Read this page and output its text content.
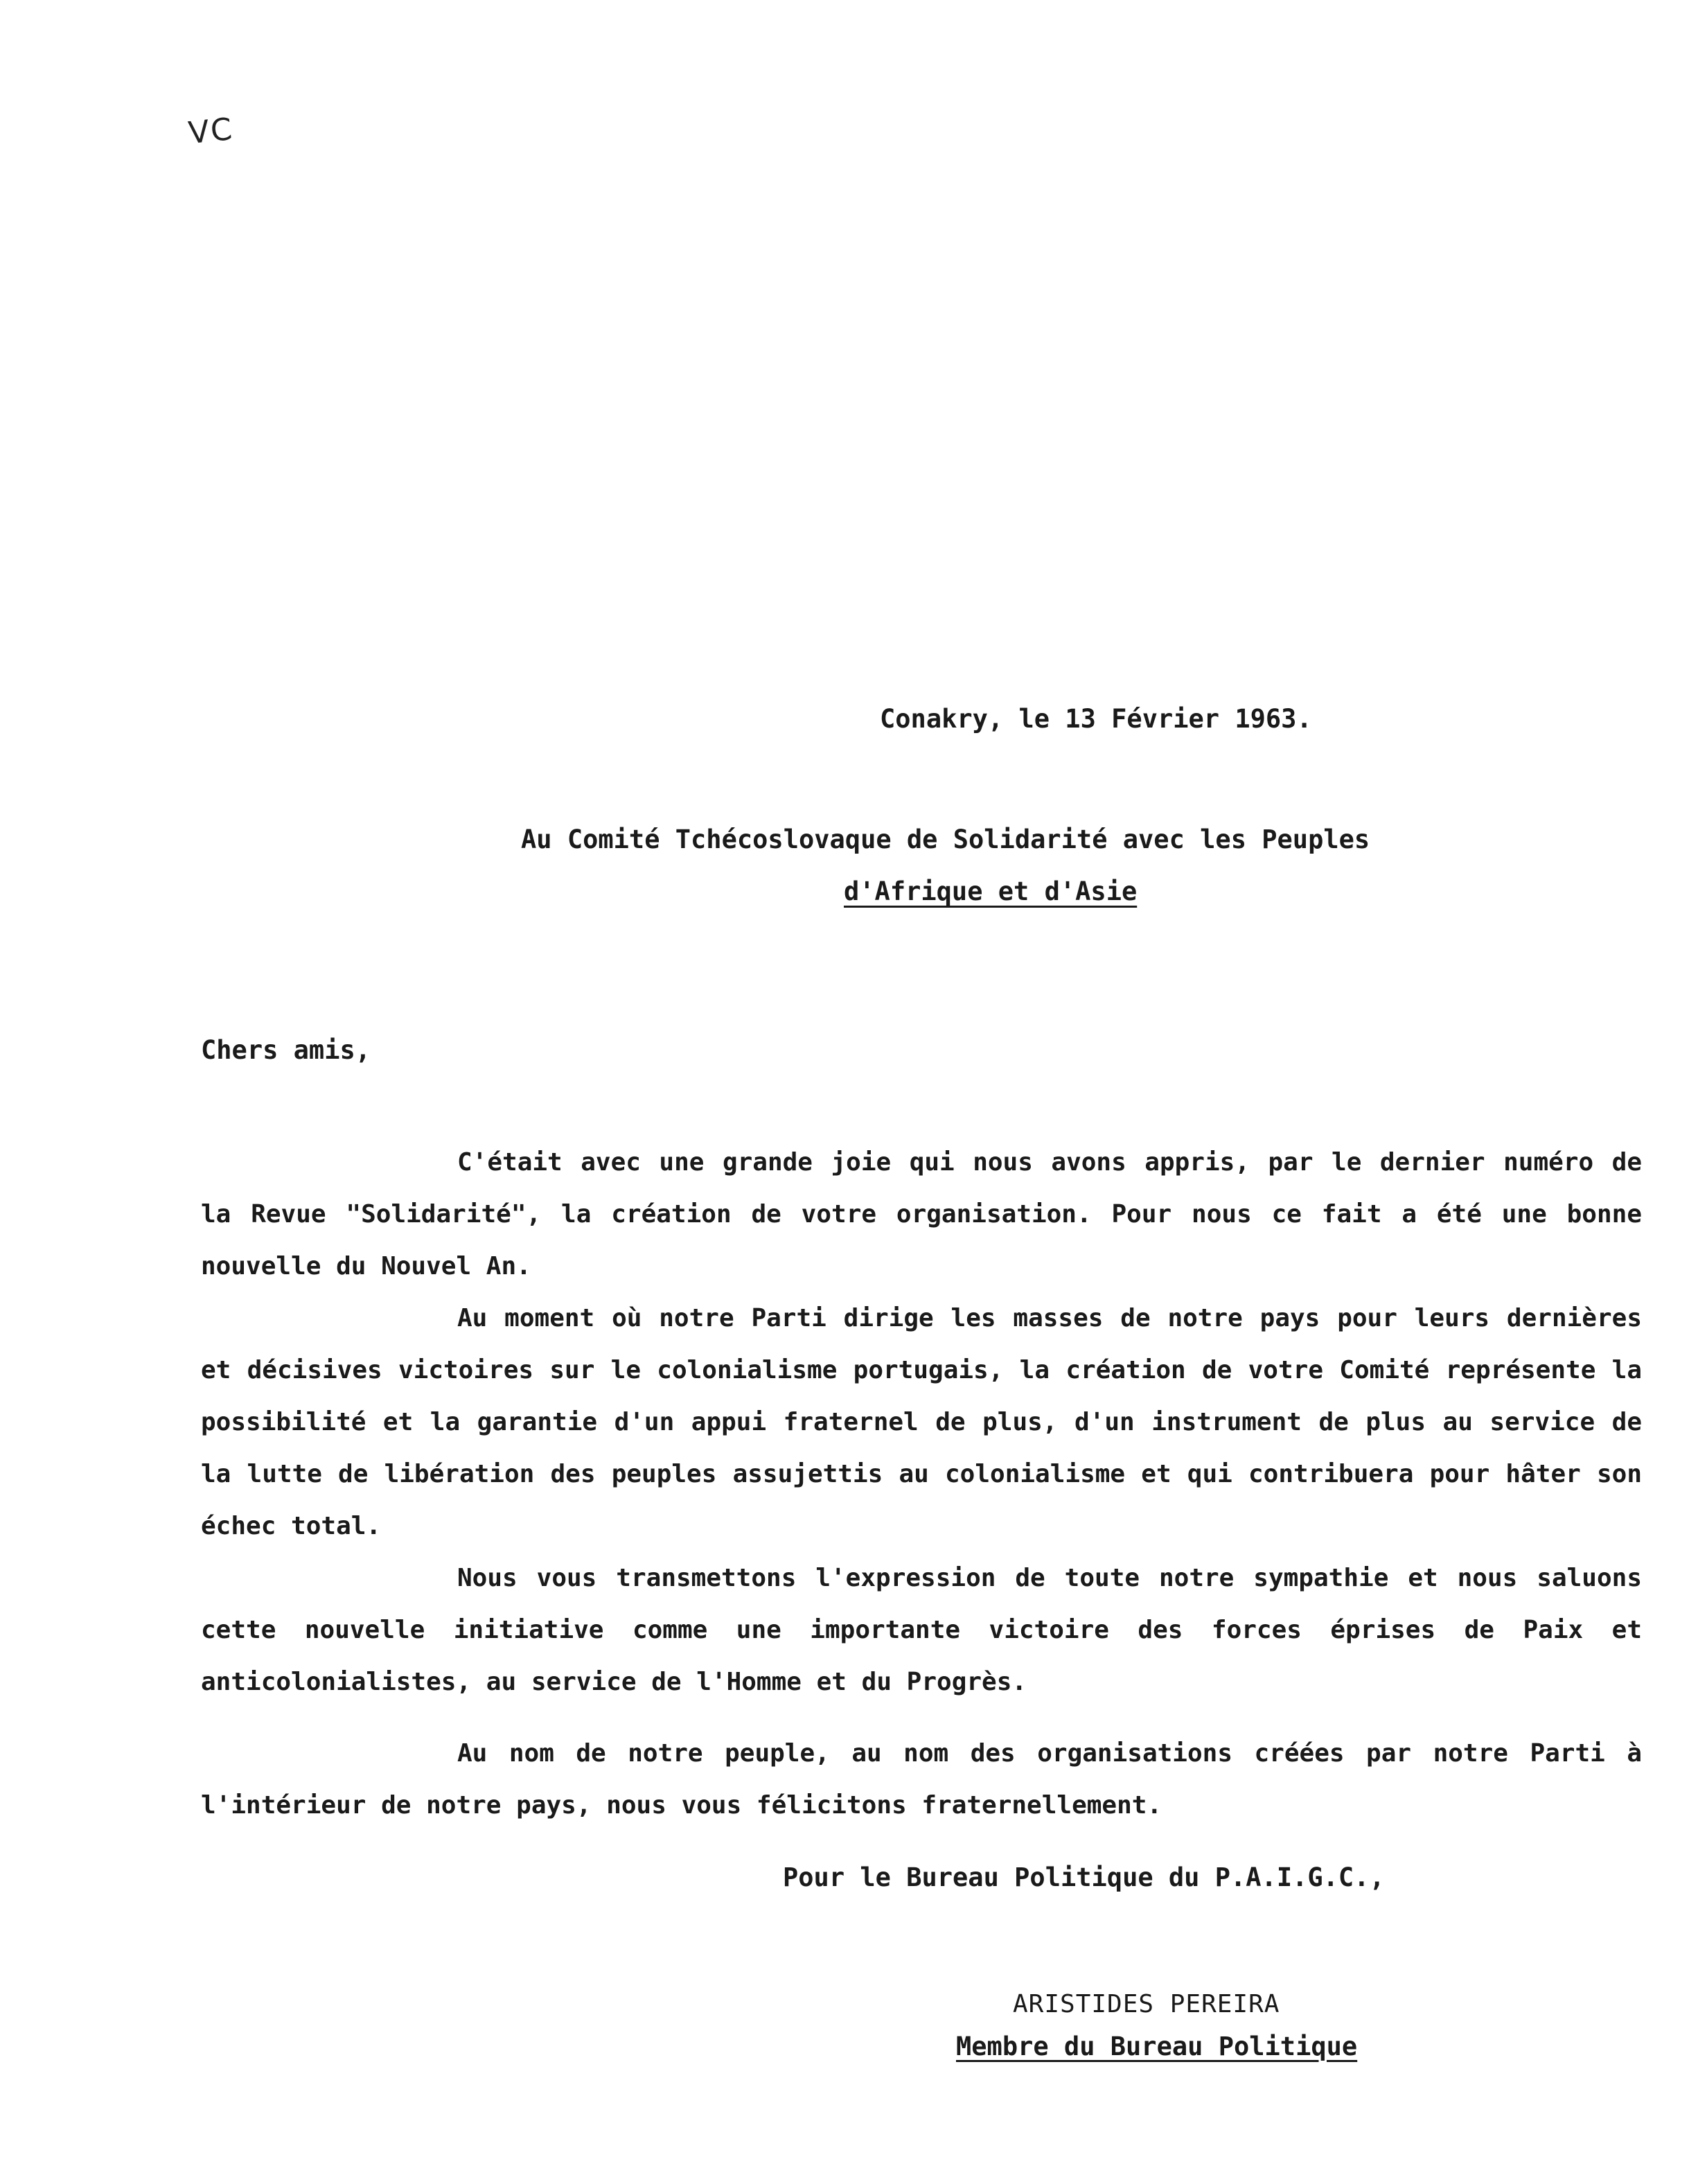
VC
Conakry, le 13 Février 1963.
Au Comité Tchécoslovaque de Solidarité avec les Peuples
d'Afrique et d'Asie
Chers amis,

C'était avec une grande joie qui nous avons appris, par le dernier numéro de la Revue "Solidarité", la création de votre organisation. Pour nous ce fait a été une bonne nouvelle du Nouvel An.

Au moment où notre Parti dirige les masses de notre pays pour leurs dernières et décisives victoires sur le colonialisme portugais, la création de votre Comité représente la possibilité et la garantie d'un appui fraternel de plus, d'un instrument de plus au service de la lutte de libération des peuples assujettis au colonialisme et qui contribuera pour hâter son échec total.

Nous vous transmettons l'expression de toute notre sympathie et nous saluons cette nouvelle initiative comme une importante victoire des forces éprises de Paix et anticolonialistes, au service de l'Homme et du Progrès.

Au nom de notre peuple, au nom des organisations créées par notre Parti à l'intérieur de notre pays, nous vous félicitons fraternellement.

Pour le Bureau Politique du P.A.I.G.C.,
ARISTIDES PEREIRA
Membre du Bureau Politique
